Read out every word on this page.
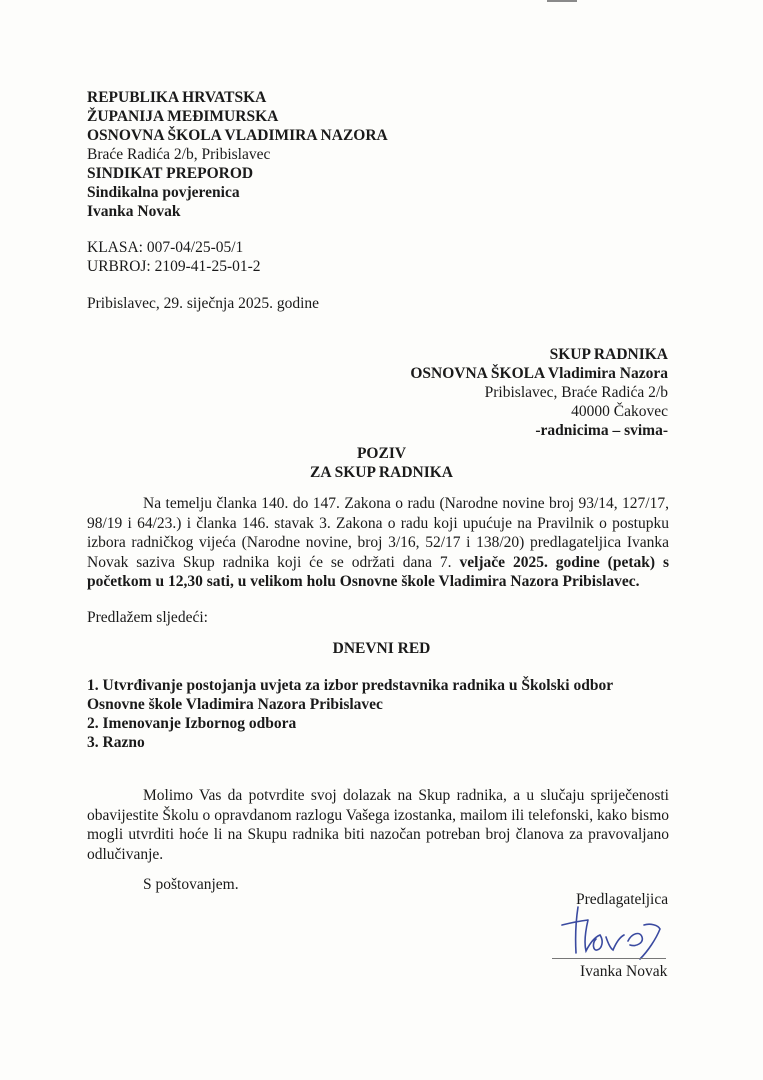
REPUBLIKA HRVATSKA
ŽUPANIJA MEĐIMURSKA
OSNOVNA ŠKOLA VLADIMIRA NAZORA
Braće Radića 2/b, Pribislavec
SINDIKAT PREPOROD
Sindikalna povjerenica
Ivanka Novak
KLASA: 007-04/25-05/1
URBROJ: 2109-41-25-01-2
Pribislavec, 29. siječnja 2025. godine
SKUP RADNIKA
OSNOVNA ŠKOLA Vladimira Nazora
Pribislavec, Braće Radića 2/b
40000 Čakovec
-radnicima – svima-
POZIV
ZA SKUP RADNIKA
Na temelju članka 140. do 147. Zakona o radu (Narodne novine broj 93/14, 127/17, 98/19 i 64/23.) i članka 146. stavak 3. Zakona o radu koji upućuje na Pravilnik o postupku izbora radničkog vijeća (Narodne novine, broj 3/16, 52/17 i 138/20) predlagateljica Ivanka Novak saziva Skup radnika koji će se održati dana 7. veljače 2025. godine (petak) s početkom u 12,30 sati, u velikom holu Osnovne škole Vladimira Nazora Pribislavec.
Predlažem sljedeći:
DNEVNI RED
1. Utvrđivanje postojanja uvjeta za izbor predstavnika radnika u Školski odbor
Osnovne škole Vladimira Nazora Pribislavec
2. Imenovanje Izbornog odbora
3. Razno
Molimo Vas da potvrdite svoj dolazak na Skup radnika, a u slučaju spriječenosti obavijestite Školu o opravdanom razlogu Vašega izostanka, mailom ili telefonski, kako bismo mogli utvrditi hoće li na Skupu radnika biti nazočan potreban broj članova za pravovaljano odlučivanje.
S poštovanjem.
Predlagateljica
Ivanka Novak
